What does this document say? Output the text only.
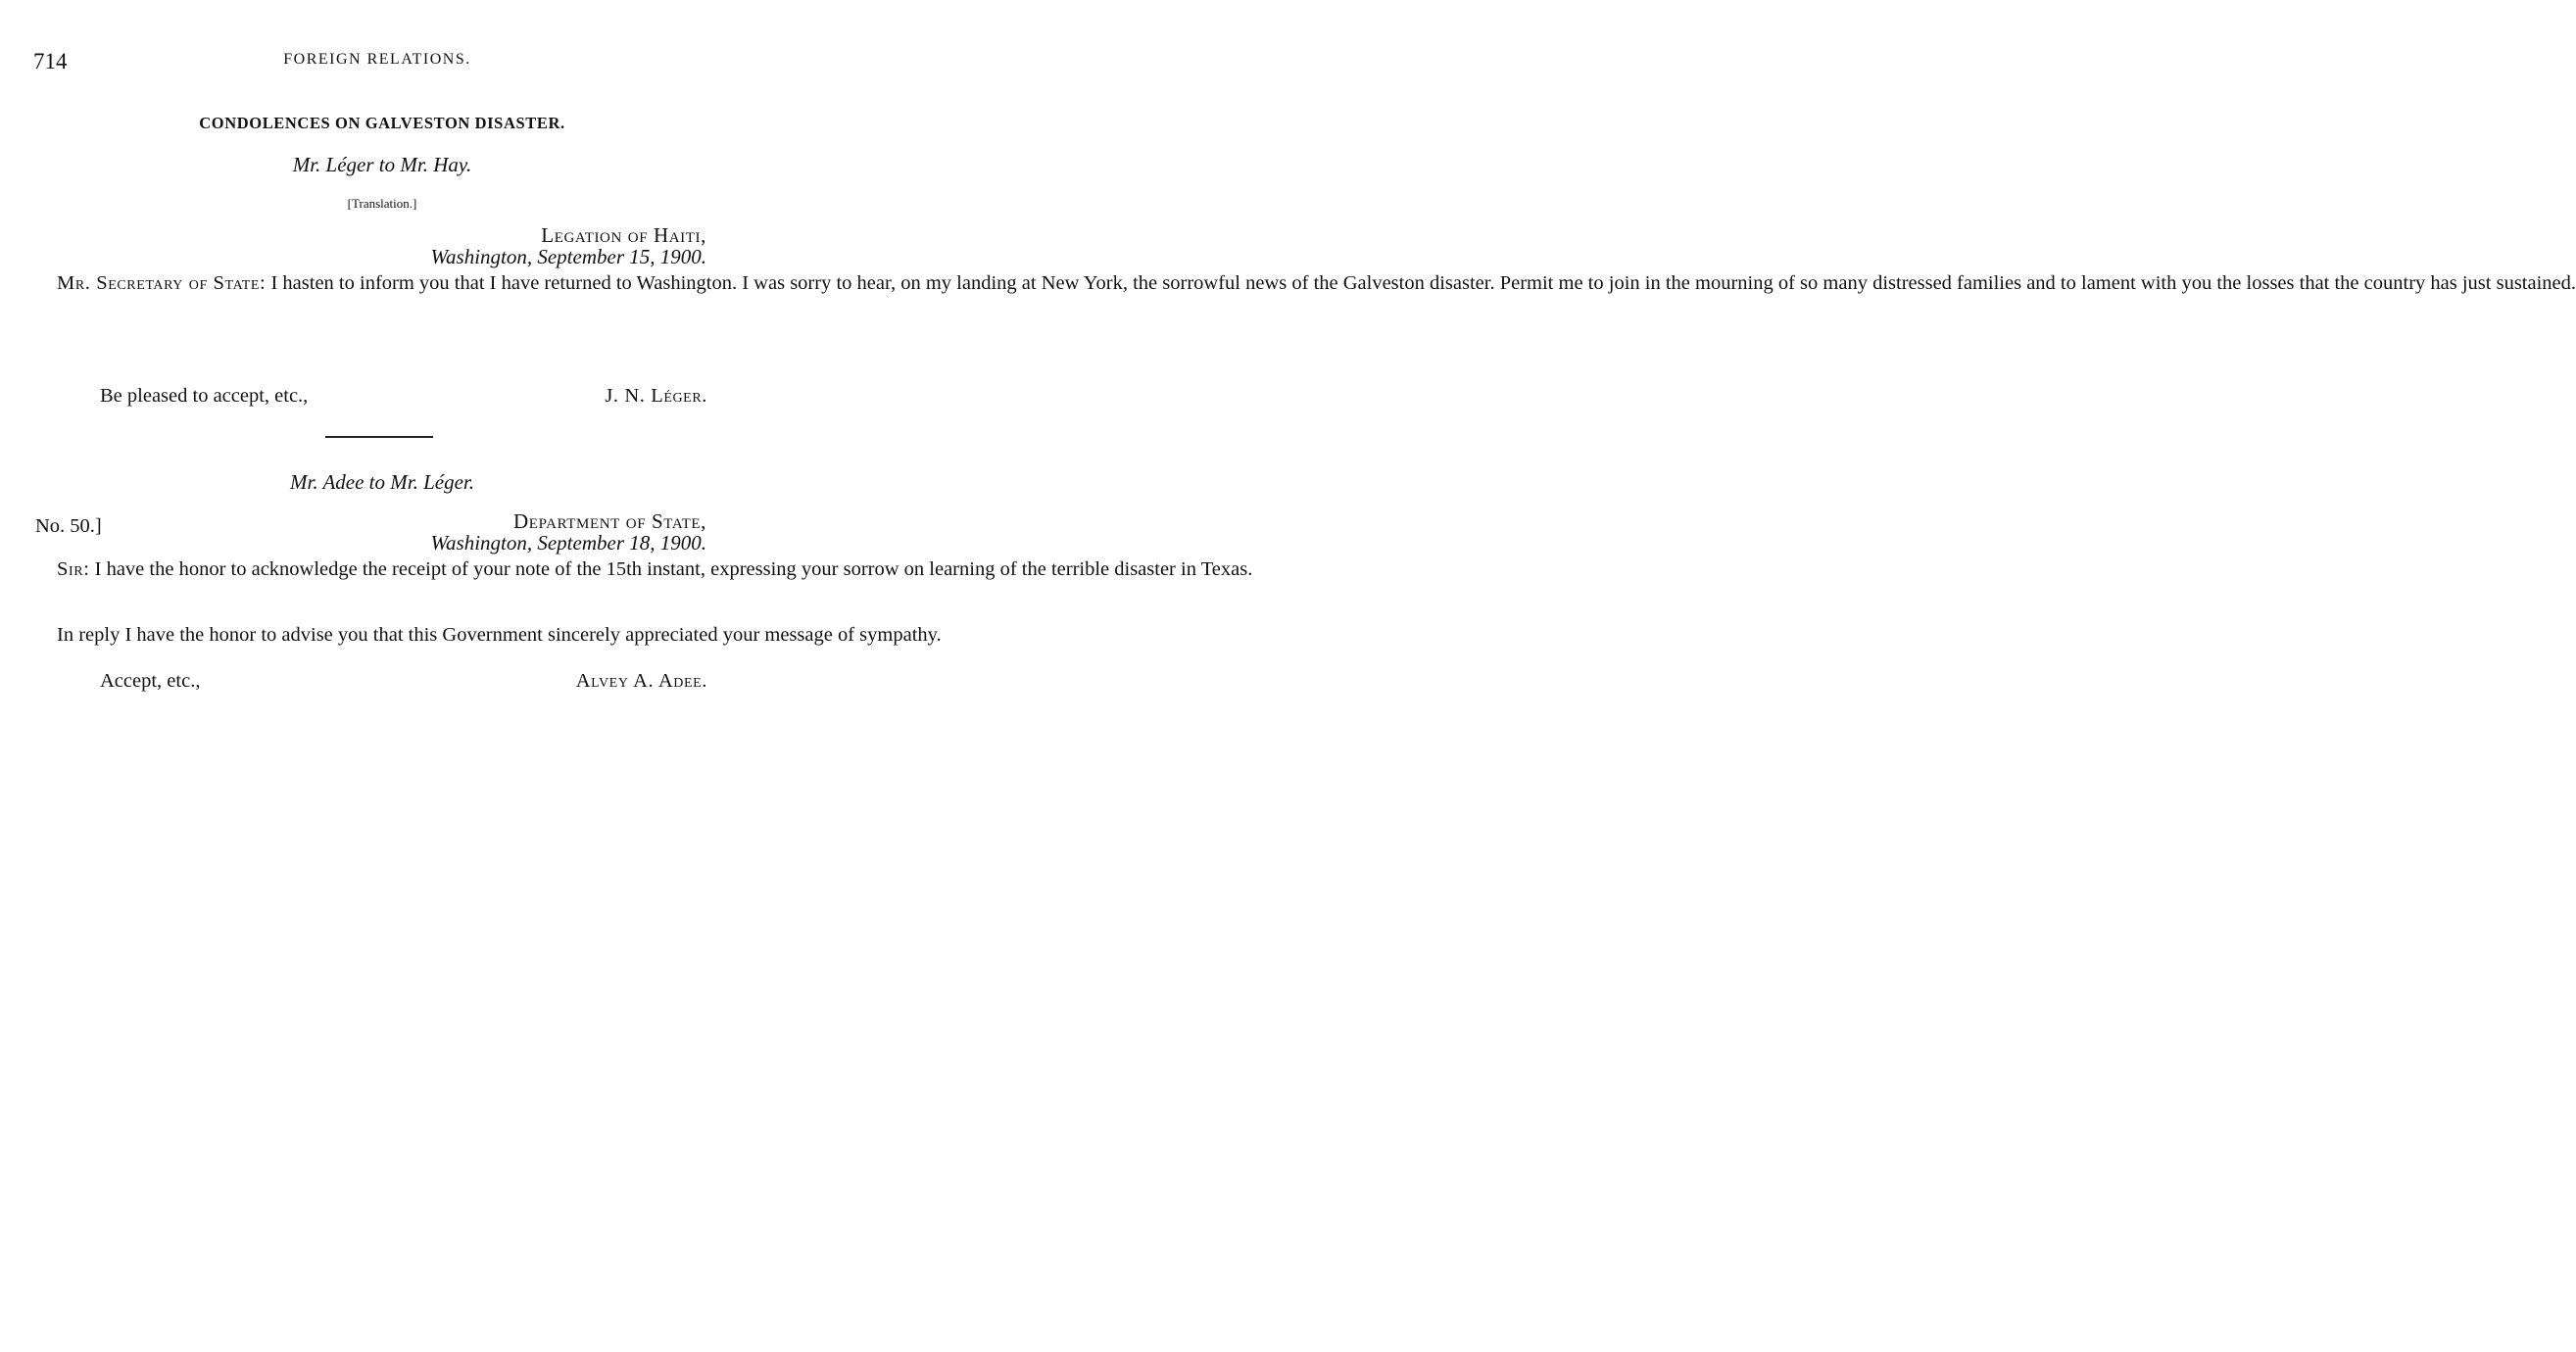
714	FOREIGN RELATIONS.
CONDOLENCES ON GALVESTON DISASTER.
Mr. Léger to Mr. Hay.
[Translation.]
Legation of Haiti,
Washington, September 15, 1900.
Mr. Secretary of State: I hasten to inform you that I have returned to Washington. I was sorry to hear, on my landing at New York, the sorrowful news of the Galveston disaster. Permit me to join in the mourning of so many distressed families and to lament with you the losses that the country has just sustained.
Be pleased to accept, etc.,	J. N. Léger.
Mr. Adee to Mr. Léger.
No. 50.]	Department of State,
Washington, September 18, 1900.
Sir: I have the honor to acknowledge the receipt of your note of the 15th instant, expressing your sorrow on learning of the terrible disaster in Texas.
In reply I have the honor to advise you that this Government sincerely appreciated your message of sympathy.
Accept, etc.,	Alvey A. Adee.
